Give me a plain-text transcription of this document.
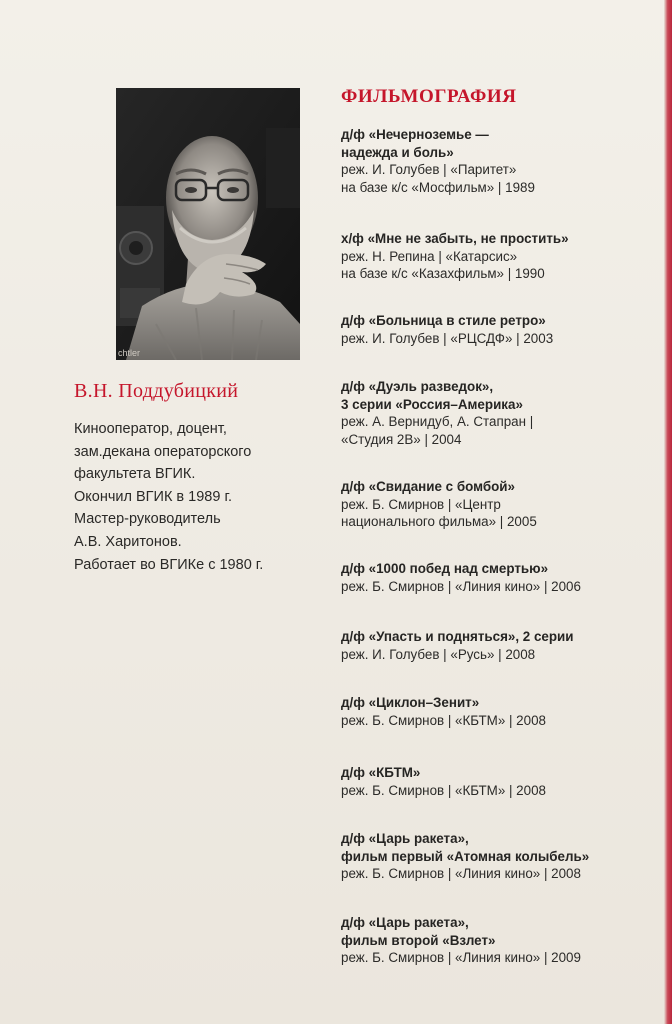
chtler
В.Н. Поддубицкий
Кинооператор, доцент,
зам.декана операторского
факультета ВГИК.
Окончил ВГИК в 1989 г.
Мастер-руководитель
А.В. Харитонов.
Работает во ВГИКе с 1980 г.
ФИЛЬМОГРАФИЯ
д/ф «Нечерноземье —
надежда и боль»
реж. И. Голубев | «Паритет»
на базе к/с «Мосфильм» | 1989
х/ф «Мне не забыть, не простить»
реж. Н. Репина | «Катарсис»
на базе к/с «Казахфильм» | 1990
д/ф «Больница в стиле ретро»
реж. И. Голубев | «РЦСДФ» | 2003
д/ф «Дуэль разведок»,
3 серии «Россия–Америка»
реж. А. Вернидуб, А. Стапран |
«Студия 2В» | 2004
д/ф «Свидание с бомбой»
реж. Б. Смирнов | «Центр
национального фильма» | 2005
д/ф «1000 побед над смертью»
реж. Б. Смирнов | «Линия кино» | 2006
д/ф «Упасть и подняться», 2 серии
реж. И. Голубев | «Русь» | 2008
д/ф «Циклон–Зенит»
реж. Б. Смирнов | «КБТМ» | 2008
д/ф «КБТМ»
реж. Б. Смирнов | «КБТМ» | 2008
д/ф «Царь ракета»,
фильм первый «Атомная колыбель»
реж. Б. Смирнов | «Линия кино» | 2008
д/ф «Царь ракета»,
фильм второй «Взлет»
реж. Б. Смирнов | «Линия кино» | 2009
